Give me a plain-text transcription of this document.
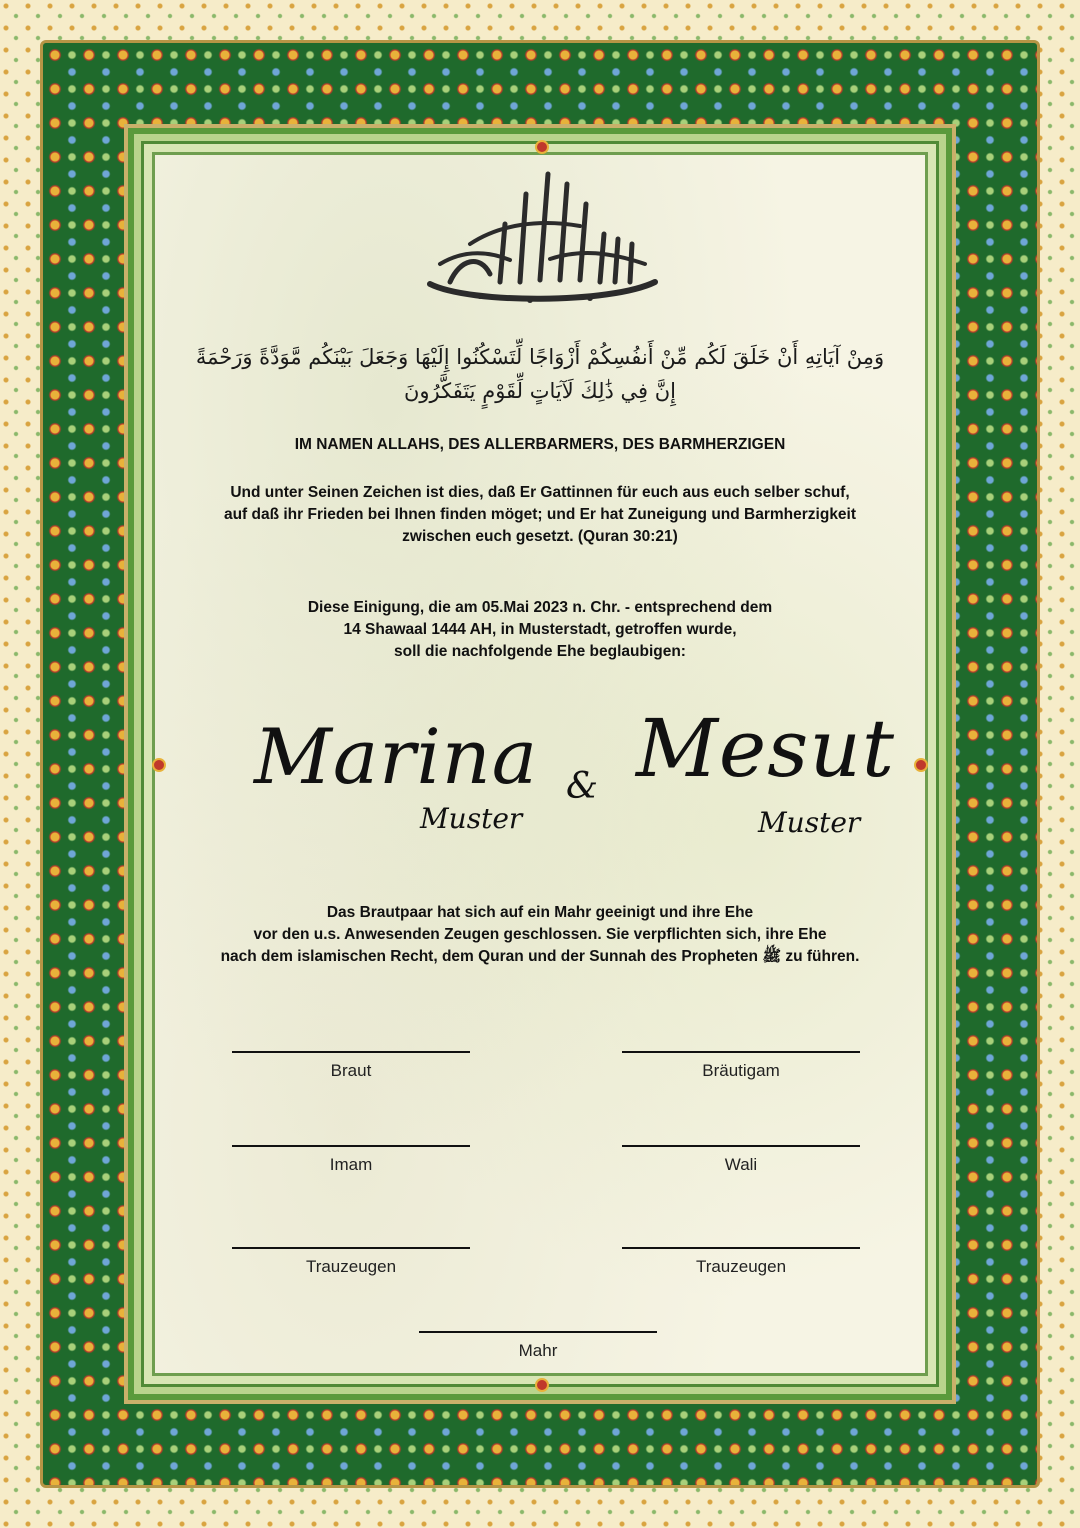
وَمِنْ آيَاتِهِ أَنْ خَلَقَ لَكُم مِّنْ أَنفُسِكُمْ أَزْوَاجًا لِّتَسْكُنُوا إِلَيْهَا وَجَعَلَ بَيْنَكُم مَّوَدَّةً وَرَحْمَةً إِنَّ فِي ذَٰلِكَ لَآيَاتٍ لِّقَوْمٍ يَتَفَكَّرُونَ
IM NAMEN ALLAHS, DES ALLERBARMERS, DES BARMHERZIGEN
Und unter Seinen Zeichen ist dies, daß Er Gattinnen für euch aus euch selber schuf,
auf daß ihr Frieden bei Ihnen finden möget; und Er hat Zuneigung und Barmherzigkeit
zwischen euch gesetzt. (Quran 30:21)
Diese Einigung, die am 05.Mai 2023 n. Chr. - entsprechend dem
14 Shawaal 1444 AH, in Musterstadt, getroffen wurde,
soll die nachfolgende Ehe beglaubigen:
Marina
Muster
& Mesut
Muster
Das Brautpaar hat sich auf ein Mahr geeinigt und ihre Ehe
vor den u.s. Anwesenden Zeugen geschlossen. Sie verpflichten sich, ihre Ehe
nach dem islamischen Recht, dem Quran und der Sunnah des Propheten ﷺ zu führen.
Braut	Bräutigam
Imam	Wali
Trauzeugen	Trauzeugen
Mahr
